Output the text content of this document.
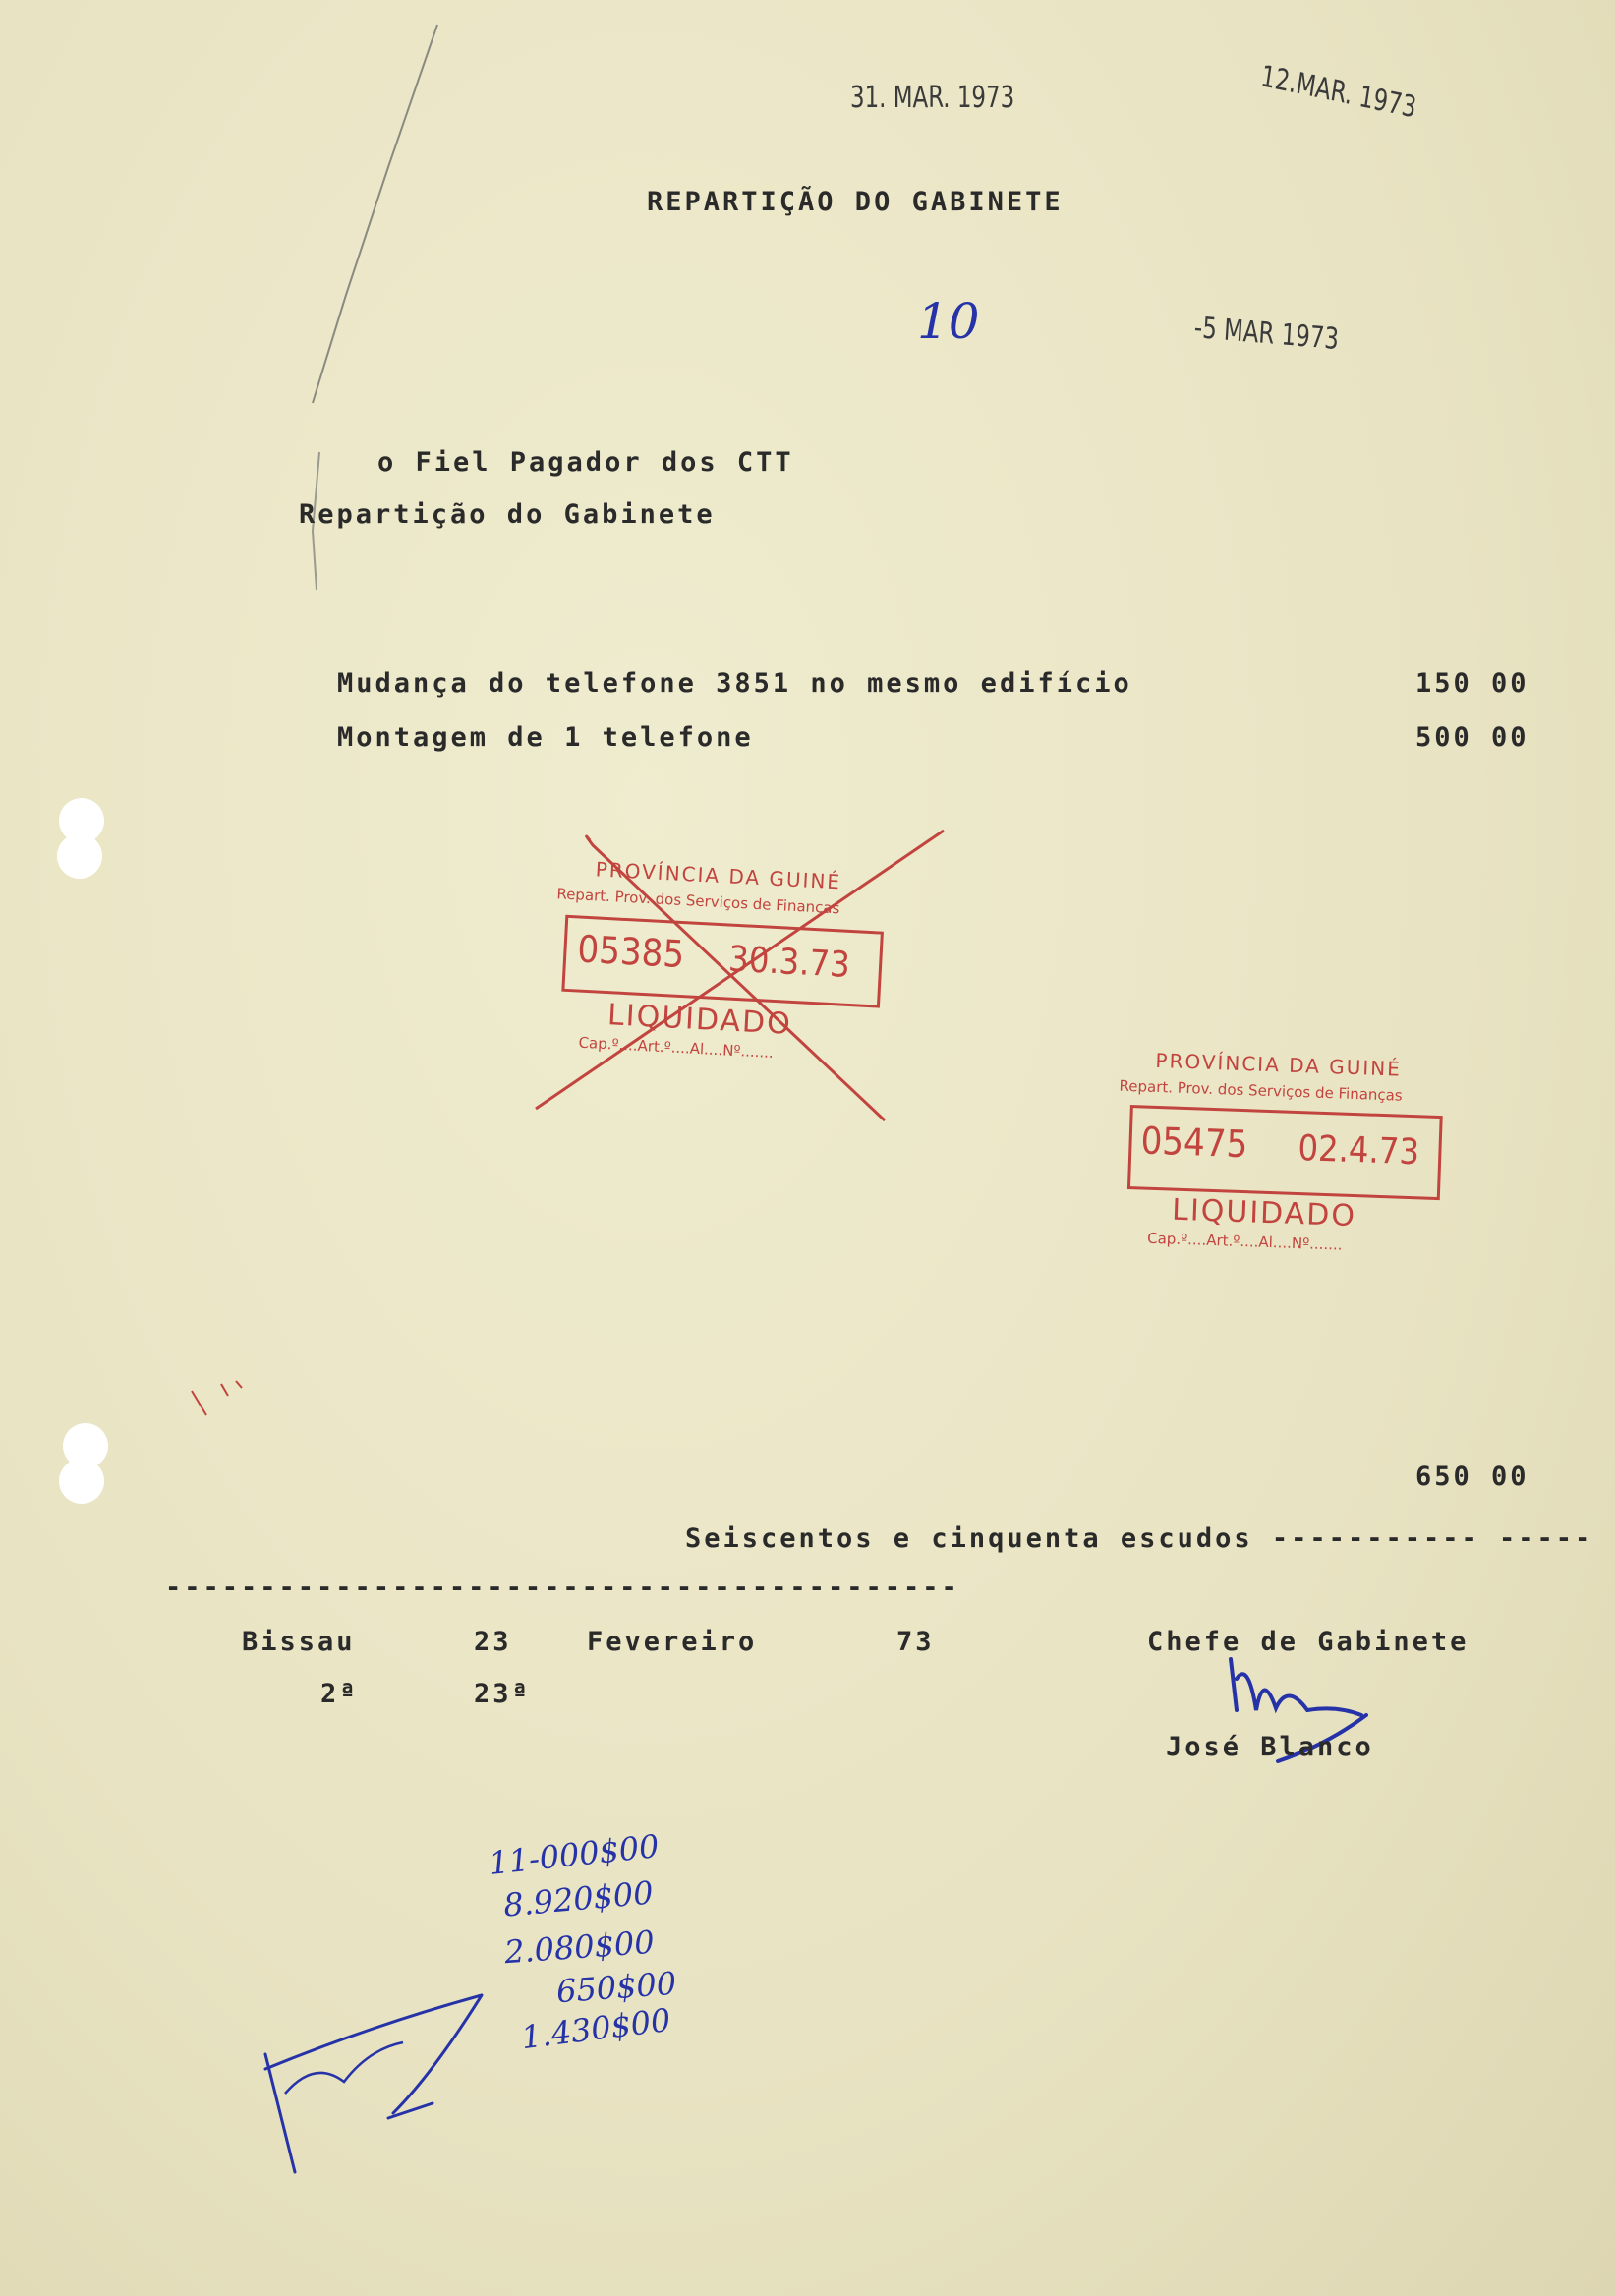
31. MAR. 1973	12.MAR. 1973
-5 MAR 1973
10
REPARTIÇÃO DO GABINETE
o Fiel Pagador dos CTT
Repartição do Gabinete
Mudança do telefone 3851 no mesmo edifício	150 00
Montagem de 1 telefone	500 00
PROVÍNCIA DA GUINÉ
Repart. Prov. dos Serviços de Finanças
05385 30.3.73
LIQUIDADO
Cap.º....Art.º....Al....Nº.......
PROVÍNCIA DA GUINÉ
Repart. Prov. dos Serviços de Finanças
05475 02.4.73
LIQUIDADO
Cap.º....Art.º....Al....Nº.......
650 00
Seiscentos e cinquenta escudos ----------- -----
------------------------------------------
Bissau	23	Fevereiro	73
2ª	23ª
Chefe de Gabinete
José Blanco
11-000$00
8.920$00
2.080$00
650$00
1.430$00
